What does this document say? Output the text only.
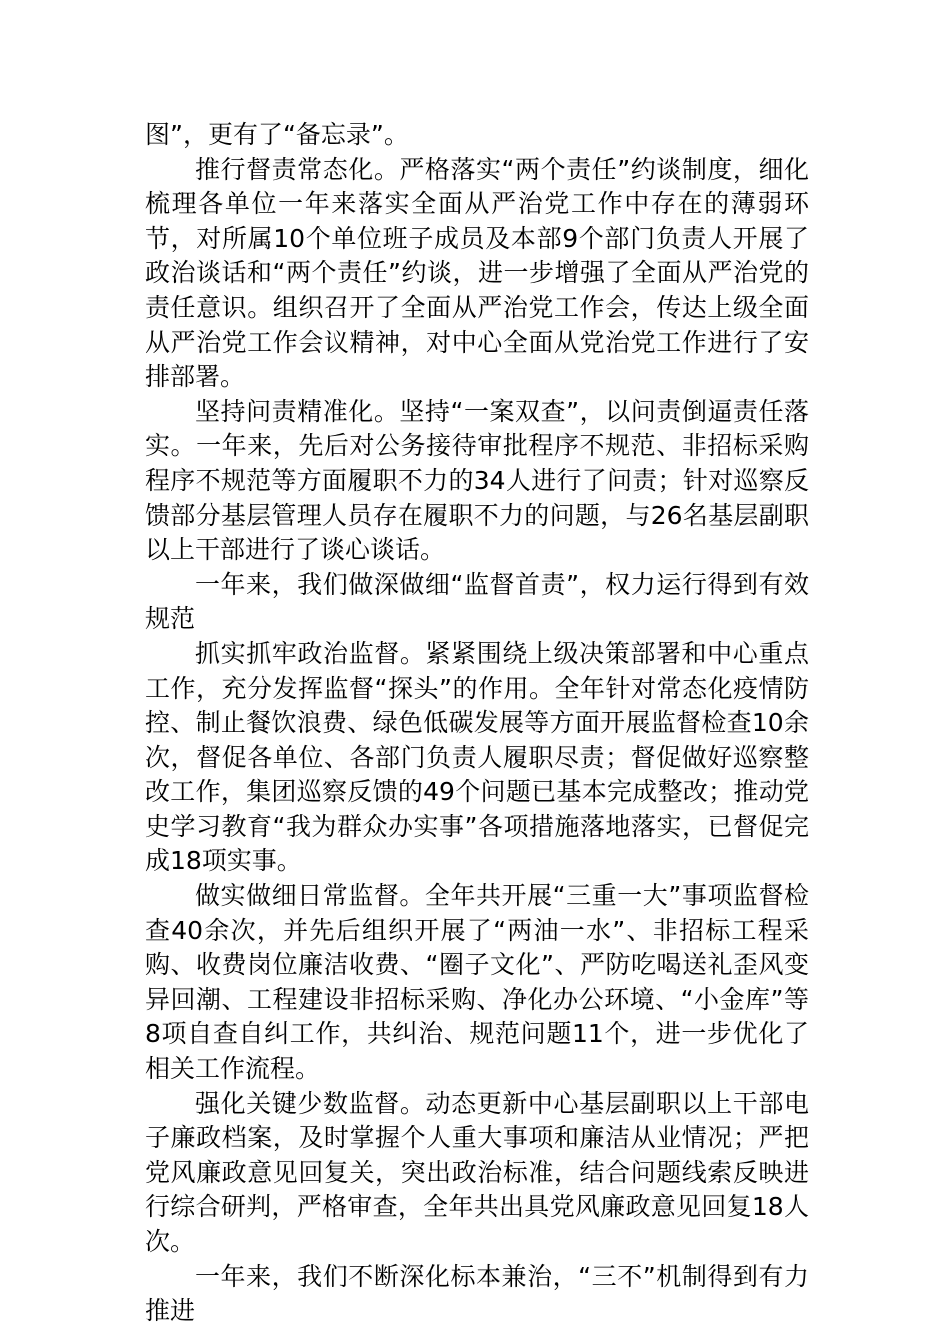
图”，更有了“备忘录”。

推行督责常态化。严格落实“两个责任”约谈制度，细化梳理各单位一年来落实全面从严治党工作中存在的薄弱环节，对所属10个单位班子成员及本部9个部门负责人开展了政治谈话和“两个责任”约谈，进一步增强了全面从严治党的责任意识。组织召开了全面从严治党工作会，传达上级全面从严治党工作会议精神，对中心全面从党治党工作进行了安排部署。

坚持问责精准化。坚持“一案双查”，以问责倒逼责任落实。一年来，先后对公务接待审批程序不规范、非招标采购程序不规范等方面履职不力的34人进行了问责；针对巡察反馈部分基层管理人员存在履职不力的问题，与26名基层副职以上干部进行了谈心谈话。

一年来，我们做深做细“监督首责”，权力运行得到有效规范

抓实抓牢政治监督。紧紧围绕上级决策部署和中心重点工作，充分发挥监督“探头”的作用。全年针对常态化疫情防控、制止餐饮浪费、绿色低碳发展等方面开展监督检查10余次，督促各单位、各部门负责人履职尽责；督促做好巡察整改工作，集团巡察反馈的49个问题已基本完成整改；推动党史学习教育“我为群众办实事”各项措施落地落实，已督促完成18项实事。

做实做细日常监督。全年共开展“三重一大”事项监督检查40余次，并先后组织开展了“两油一水”、非招标工程采购、收费岗位廉洁收费、“圈子文化”、严防吃喝送礼歪风变异回潮、工程建设非招标采购、净化办公环境、“小金库”等8项自查自纠工作，共纠治、规范问题11个，进一步优化了相关工作流程。

强化关键少数监督。动态更新中心基层副职以上干部电子廉政档案，及时掌握个人重大事项和廉洁从业情况；严把党风廉政意见回复关，突出政治标准，结合问题线索反映进行综合研判，严格审查，全年共出具党风廉政意见回复18人次。

一年来，我们不断深化标本兼治，“三不”机制得到有力推进
